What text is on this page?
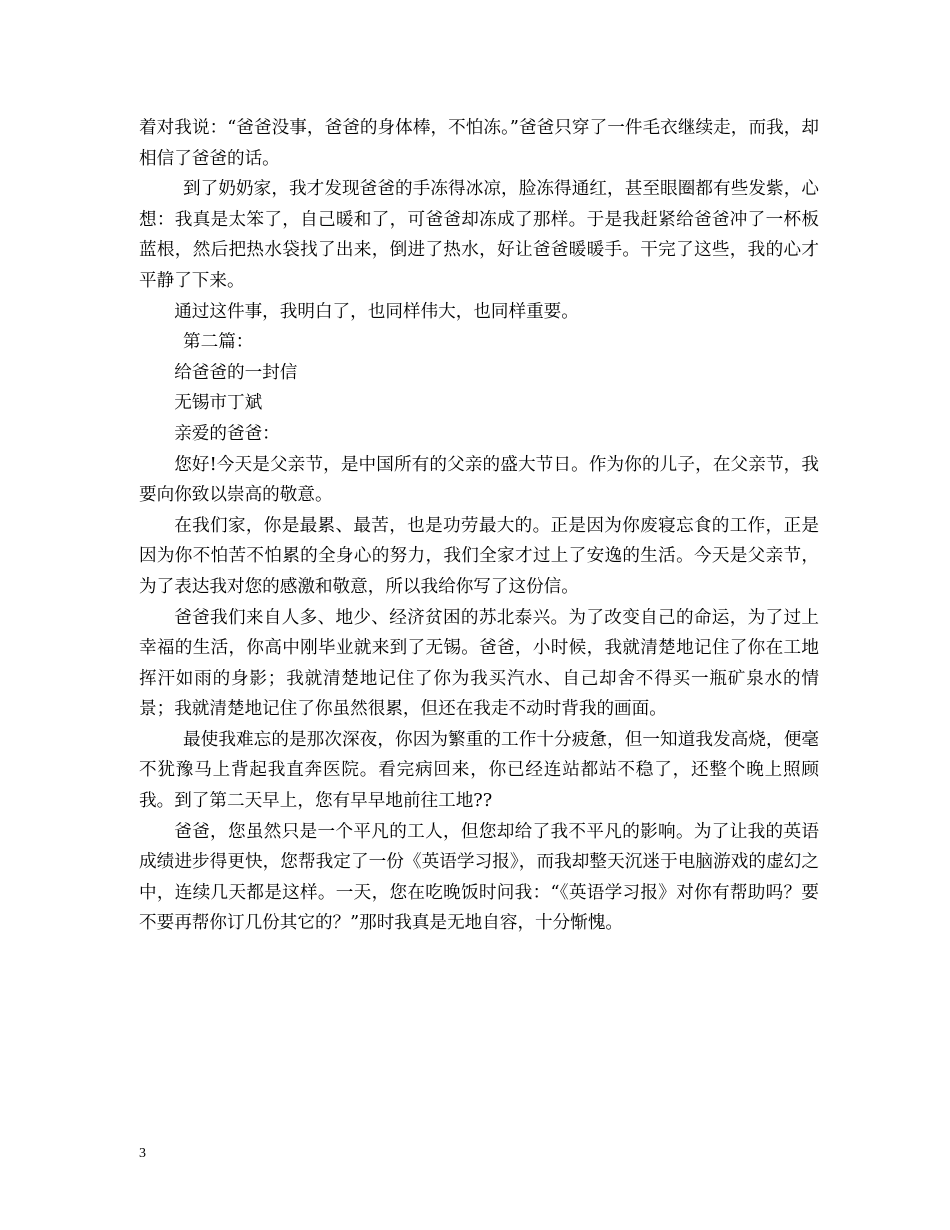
着对我说：“爸爸没事，爸爸的身体棒，不怕冻。”爸爸只穿了一件毛衣继续走，而我，却相信了爸爸的话。

到了奶奶家，我才发现爸爸的手冻得冰凉，脸冻得通红，甚至眼圈都有些发紫，心想：我真是太笨了，自己暖和了，可爸爸却冻成了那样。于是我赶紧给爸爸冲了一杯板蓝根，然后把热水袋找了出来，倒进了热水，好让爸爸暖暖手。干完了这些，我的心才平静了下来。

通过这件事，我明白了，也同样伟大，也同样重要。

第二篇：

给爸爸的一封信

无锡市丁斌

亲爱的爸爸：

您好!今天是父亲节，是中国所有的父亲的盛大节日。作为你的儿子，在父亲节，我要向你致以崇高的敬意。

在我们家，你是最累、最苦，也是功劳最大的。正是因为你废寝忘食的工作，正是因为你不怕苦不怕累的全身心的努力，我们全家才过上了安逸的生活。今天是父亲节，为了表达我对您的感激和敬意，所以我给你写了这份信。

爸爸我们来自人多、地少、经济贫困的苏北泰兴。为了改变自己的命运，为了过上幸福的生活，你高中刚毕业就来到了无锡。爸爸，小时候，我就清楚地记住了你在工地挥汗如雨的身影；我就清楚地记住了你为我买汽水、自己却舍不得买一瓶矿泉水的情景；我就清楚地记住了你虽然很累，但还在我走不动时背我的画面。

最使我难忘的是那次深夜，你因为繁重的工作十分疲惫，但一知道我发高烧，便毫不犹豫马上背起我直奔医院。看完病回来，你已经连站都站不稳了，还整个晚上照顾我。到了第二天早上，您有早早地前往工地??

爸爸，您虽然只是一个平凡的工人，但您却给了我不平凡的影响。为了让我的英语成绩进步得更快，您帮我定了一份《英语学习报》，而我却整天沉迷于电脑游戏的虚幻之中，连续几天都是这样。一天，您在吃晚饭时问我：“《英语学习报》对你有帮助吗？要不要再帮你订几份其它的？”那时我真是无地自容，十分惭愧。

3
